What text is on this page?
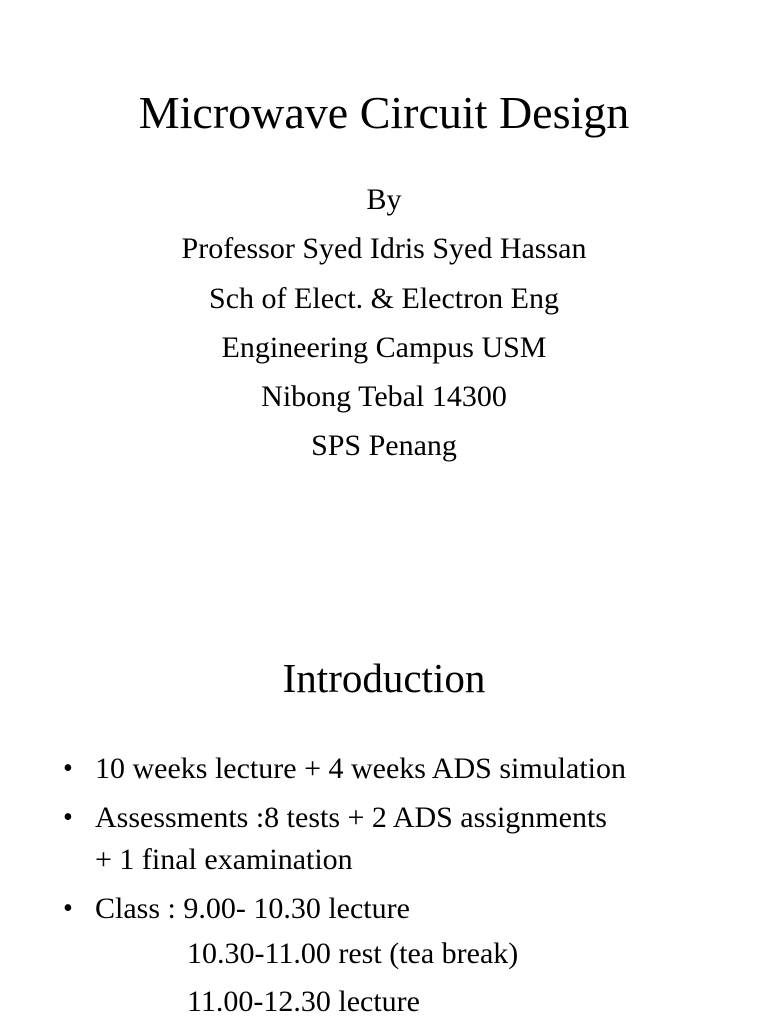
Microwave Circuit Design
By
Professor Syed Idris Syed Hassan
Sch of Elect. & Electron Eng
Engineering Campus USM
Nibong Tebal 14300
SPS Penang
Introduction
• 10 weeks lecture + 4 weeks ADS simulation
• Assessments :8 tests + 2 ADS assignments
+ 1 final examination
• Class : 9.00- 10.30 lecture
10.30-11.00 rest (tea break)
11.00-12.30 lecture
